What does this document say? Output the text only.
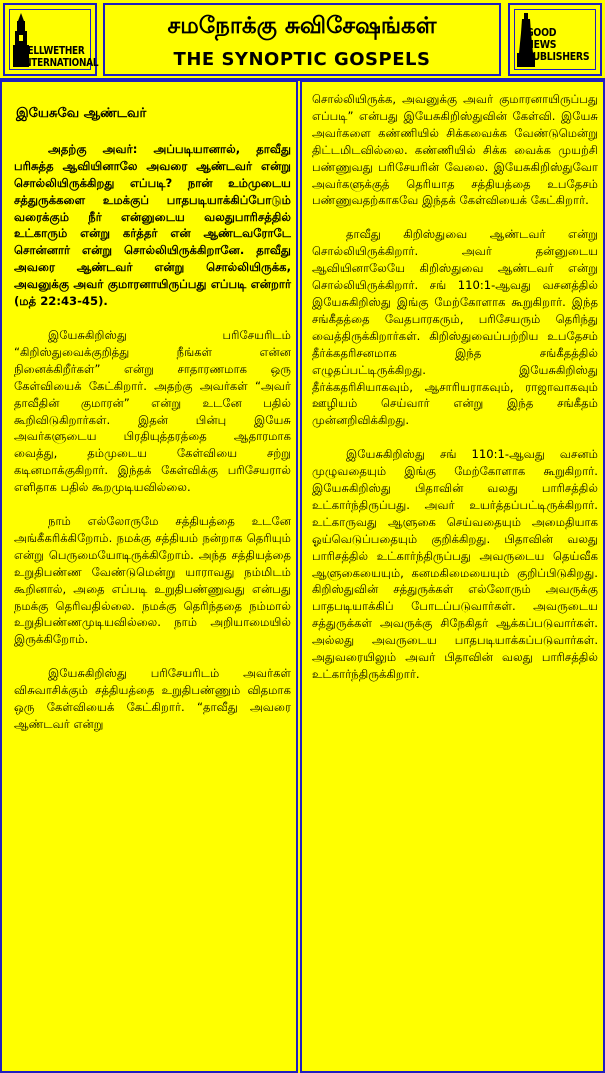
BELLWETHER
INTERNATIONAL
சமநோக்கு சுவிசேஷங்கள்
THE SYNOPTIC GOSPELS
GOOD NEWS
PUBLISHERS
இயேசுவே ஆண்டவர்

அதற்கு அவர்: அப்படியானால், தாவீது பரிசுத்த ஆவியினாலே அவரை ஆண்டவர் என்று சொல்லியிருக்கிறது எப்படி? நான் உம்முடைய சத்துருக்களை உமக்குப் பாதபடியாக்கிப்போடும் வரைக்கும் நீர் என்னுடைய வலதுபாரிசத்தில் உட்காரும் என்று கர்த்தர் என் ஆண்டவரோடே சொன்னார் என்று சொல்லியிருக்கிறானே. தாவீது அவரை ஆண்டவர் என்று சொல்லியிருக்க, அவனுக்கு அவர் குமாரனாயிருப்பது எப்படி என்றார் (மத் 22:43-45).

இயேசுகிறிஸ்து பரிசேயரிடம் “கிறிஸ்துவைக்குறித்து நீங்கள் என்ன நினைக்கிறீர்கள்” என்று சாதாரணமாக ஒரு கேள்வியைக் கேட்கிறார். அதற்கு அவர்கள் “அவர் தாவீதின் குமாரன்” என்று உடனே பதில் கூறிவிடுகிறார்கள். இதன் பின்பு இயேசு அவர்களுடைய பிரதியுத்தரத்தை ஆதாரமாக வைத்து, தம்முடைய கேள்வியை சற்று கடினமாக்குகிறார். இந்தக் கேள்விக்கு பரிசேயரால் எளிதாக பதில் கூறமுடியவில்லை.

நாம் எல்லோருமே சத்தியத்தை உடனே அங்கீகரிக்கிறோம். நமக்கு சத்தியம் நன்றாக தெரியும் என்று பெருமையோடிருக்கிறோம். அந்த சத்தியத்தை உறுதிபண்ண வேண்டுமென்று யாராவது நம்மிடம் கூறினால், அதை எப்படி உறுதிபண்ணுவது என்பது நமக்கு தெரிவதில்லை. நமக்கு தெரிந்ததை நம்மால் உறுதிபண்ணமுடியவில்லை. நாம் அறியாமையில் இருக்கிறோம்.

இயேசுகிறிஸ்து பரிசேயரிடம் அவர்கள் விசுவாசிக்கும் சத்தியத்தை உறுதிபண்ணும் விதமாக ஒரு கேள்வியைக் கேட்கிறார். “தாவீது அவரை ஆண்டவர் என்று

சொல்லியிருக்க, அவனுக்கு அவர் குமாரனாயிருப்பது எப்படி” என்பது இயேசுகிறிஸ்துவின் கேள்வி. இயேசு அவர்களை கண்ணியில் சிக்கவைக்க வேண்டுமென்று திட்டமிடவில்லை. கண்ணியில் சிக்க வைக்க முயற்சி பண்ணுவது பரிசேயரின் வேலை. இயேசுகிறிஸ்துவோ அவர்களுக்குத் தெரியாத சத்தியத்தை உபதேசம் பண்ணுவதற்காகவே இந்தக் கேள்வியைக் கேட்கிறார்.

தாவீது கிறிஸ்துவை ஆண்டவர் என்று சொல்லியிருக்கிறார். அவர் தன்னுடைய ஆவியினாலேயே கிறிஸ்துவை ஆண்டவர் என்று சொல்லியிருக்கிறார். சங் 110:1-ஆவது வசனத்தில் இயேசுகிறிஸ்து இங்கு மேற்கோளாக கூறுகிறார். இந்த சங்கீதத்தை வேதபாரகரும், பரிசேயரும் தெரிந்து வைத்திருக்கிறார்கள். கிறிஸ்துவைப்பற்றிய உபதேசம் தீர்க்கதரிசனமாக இந்த சங்கீதத்தில் எழுதப்பட்டிருக்கிறது. இயேசுகிறிஸ்து தீர்க்கதரிசியாகவும், ஆசாரியராகவும், ராஜாவாகவும் ஊழியம் செய்வார் என்று இந்த சங்கீதம் முன்னறிவிக்கிறது.

இயேசுகிறிஸ்து சங் 110:1-ஆவது வசனம் முழுவதையும் இங்கு மேற்கோளாக கூறுகிறார். இயேசுகிறிஸ்து பிதாவின் வலது பாரிசத்தில் உட்கார்ந்திருப்பது. அவர் உயர்த்தப்பட்டிருக்கிறார். உட்காருவது ஆளுகை செய்வதையும் அமைதியாக ஓய்வெடுப்பதையும் குறிக்கிறது. பிதாவின் வலது பாரிசத்தில் உட்கார்ந்திருப்பது அவருடைய தெய்வீக ஆளுகையையும், கனமகிமையையும் குறிப்பிடுகிறது. கிறிஸ்துவின் சத்துருக்கள் எல்லோரும் அவருக்கு பாதபடியாக்கிப் போடப்படுவார்கள். அவருடைய சத்துருக்கள் அவருக்கு சிநேகிதர் ஆக்கப்படுவார்கள். அல்லது அவருடைய பாதபடியாக்கப்படுவார்கள். அதுவரையிலும் அவர் பிதாவின் வலது பாரிசத்தில் உட்கார்ந்திருக்கிறார்.
